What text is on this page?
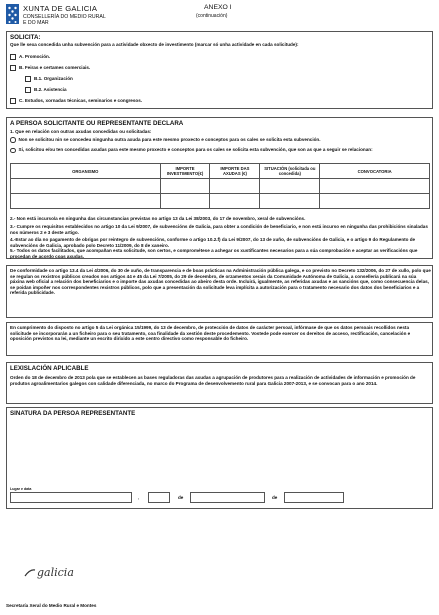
XUNTA DE GALICIA
CONSELLERÍA DO MEDIO RURAL
E DO MAR
ANEXO I
(continuación)
SOLICITA:
Que lle sexa concedida unha subvención para a actividade obxecto de investimento (marcar só unha actividade en cada solicitude):
A. Promoción.
B. Feiras e certames comerciais.
B.1. Organización
B.2. Asistencia
C. Estudos, xornadas técnicas, seminarios e congresos.
A PERSOA SOLICITANTE OU REPRESENTANTE DECLARA
1. Que en relación con outras axudas concedidas ou solicitadas:
Non se solicitou nin se concedeu ningunha outra axuda para este mesmo proxecto e conceptos para os cales se solicita esta subvención.
Si, solicitou e/ou ten concedidas axudas para este mesmo proxecto e conceptos para os cales se solicita esta subvención, que son as que a seguir se relacionan:
ORGANISMO	IMPORTE INVESTIMENTO(€)	IMPORTE DAS AXUDAS (€)	SITUACIÓN (solicitada ou concedida)	CONVOCATORIA

2.- Non está incurso/a en ningunha das circunstancias previstas no artigo 13 da Lei 38/2003, do 17 de novembro, xeral de subvencións.
3.- Cumpre os requisitos establecidos no artigo 10 da Lei 9/2007, de subvencións de Galicia, para obter a condición de beneficiario, e non está incurso en ningunha das prohibicións sinaladas nos números 2 e 3 deste artigo.
4.-Estar ao día no pagamento de obrigas por reintegro de subvencións, conforme o artigo 10.2.f) da Lei 9/2007, do 13 de xuño, de subvencións de Galicia, e o artigo 9 do Regulamento de subvencións de Galicia, aprobado polo Decreto 11/2009, do 8 de xaneiro.
5.- Todos os datos facilitados, que acompañan esta solicitude, son certos, e comprométese a achegar os xustificantes necesarios para a súa comprobación e aceptar as verificacións que procedan de acordo coas axudas.
De conformidade co artigo 13.4 da Lei 4/2006, do 30 de xuño, de transparencia e de boas prácticas na Administración pública galega, e co previsto no Decreto 132/2006, do 27 de xullo, polo que se regulan os rexistros públicos creados nos artigos 44 e 45 da Lei 7/2005, do 29 de decembro, de orzamentos xerais da Comunidade Autónoma de Galicia, a consellería publicará na súa páxina web oficial a relación dos beneficiarios e o importe das axudas concedidas ao abeiro desta orde. Incluirá, igualmente, as referidas axudas e as sancións que, como consecuencia delas, se poidan impoñer nos correspondentes rexistros públicos, polo que a presentación da solicitude leva implícita a autorización para o tratamento necesario dos datos dos beneficiarios e a referida publicidade.
En cumprimento do disposto no artigo 5 da Lei orgánica 15/1999, do 13 de decembro, de protección de datos de carácter persoal, infórmase de que os datos persoais recollidos nesta solicitude se incorporarán a un ficheiro para o seu tratamento, coa finalidade da xestión deste procedemento. Vostede pode exercer os dereitos de acceso, rectificación, cancelación e oposición previstos na lei, mediante un escrito dirixido a este centro directivo como responsable do ficheiro.
LEXISLACIÓN APLICABLE
Orden do 18 de decembro de 2013 pola que se establecen as bases reguladoras das axudas a agrupación de produtores para a realización de actividades de información e promoción de produtos agroalimentarios galegos con calidade diferenciada, no marco do Programa de desenvolvemento rural para Galicia 2007-2013, e se convocan para o ano 2014.
SINATURA DA PERSOA REPRESENTANTE
Lugar e data
,	de	de
galicia
Secretaría Xeral do Medio Rural e Montes
